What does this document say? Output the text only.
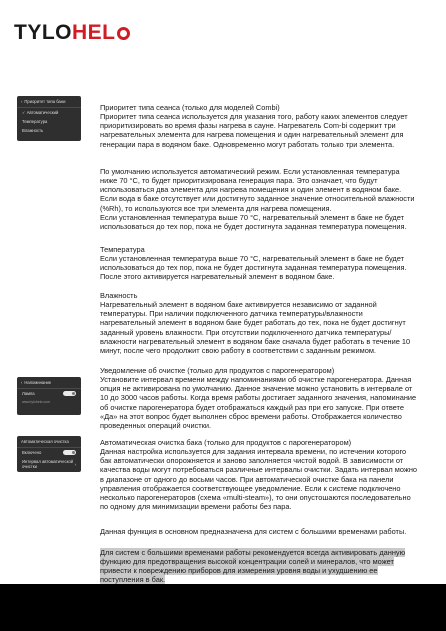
TYLOHEL
‹ Приоритет типа бани
✓ Автоматический
Температура
Влажность
‹ Напоминание
Лампа
www.tylohelo.com
Автоматическая очистка
Включено
Интервал автоматической очистки	›

Приоритет типа сеанса (только для моделей Combi)

Приоритет типа сеанса используется для указания того, работу каких элементов следует приоритизировать во время фазы нагрева в сауне. Нагреватель Com-bi содержит три нагревательных элемента для нагрева помещения и один нагревательный элемент для генерации пара в водяном баке. Одновременно могут работать только три элемента.

По умолчанию используется автоматический режим. Если установленная температура ниже 70 °C, то будет приоритизирована генерация пара. Это означает, что будут использоваться два элемента для нагрева помещения и один элемент в водяном баке. Если вода в баке отсутствует или достигнуто заданное значение относительной влажности (%Rh), то используются все три элемента для нагрева помещения.

Если установленная температура выше 70 °C, нагревательный элемент в баке не будет использоваться до тех пор, пока не будет достигнута заданная температура помещения.

Температура

Если установленная температура выше 70 °C, нагревательный элемент в баке не будет использоваться до тех пор, пока не будет достигнута заданная температура помещения. После этого активируется нагревательный элемент в водяном баке.

Влажность

Нагревательный элемент в водяном баке активируется независимо от заданной температуры. При наличии подключенного датчика температуры/влажности нагревательный элемент в водяном баке будет работать до тех, пока не будет достигнут заданный уровень влажности. При отсутствии подключенного датчика температуры/влажности нагревательный элемент в водяном баке сначала будет работать в течение 10 минут, после чего продолжит свою работу в соответствии с заданным режимом.

Уведомление об очистке (только для продуктов с парогенератором)

Установите интервал времени между напоминаниями об очистке парогенератора. Данная опция не активирована по умолчанию. Данное значение можно установить в интервале от 10 до 3000 часов работы. Когда время работы достигает заданного значения, напоминание об очистке парогенератора будет отображаться каждый раз при его запуске. При ответе «Да» на этот вопрос будет выполнен сброс времени работы. Отображается количество проведенных операций очистки.

Автоматическая очистка бака (только для продуктов с парогенератором)

Данная настройка используется для задания интервала времени, по истечении которого бак автоматически опорожняется и заново заполняется чистой водой. В зависимости от качества воды могут потребоваться различные интервалы очистки. Задать интервал можно в диапазоне от одного до восьми часов. При автоматической очистке бака на панели управления отображается соответствующее уведомление. Если к системе подключено несколько парогенераторов (схема «multi-steam»), то они опустошаются последовательно по одному для минимизации времени работы без пара.

Данная функция в основном предназначена для систем с большими временами работы.

Для систем с большими временами работы рекомендуется всегда активировать данную функцию для предотвращения высокой концентрации солей и минералов, что может привести к повреждению приборов для измерения уровня воды и ухудшению ее поступления в бак.
